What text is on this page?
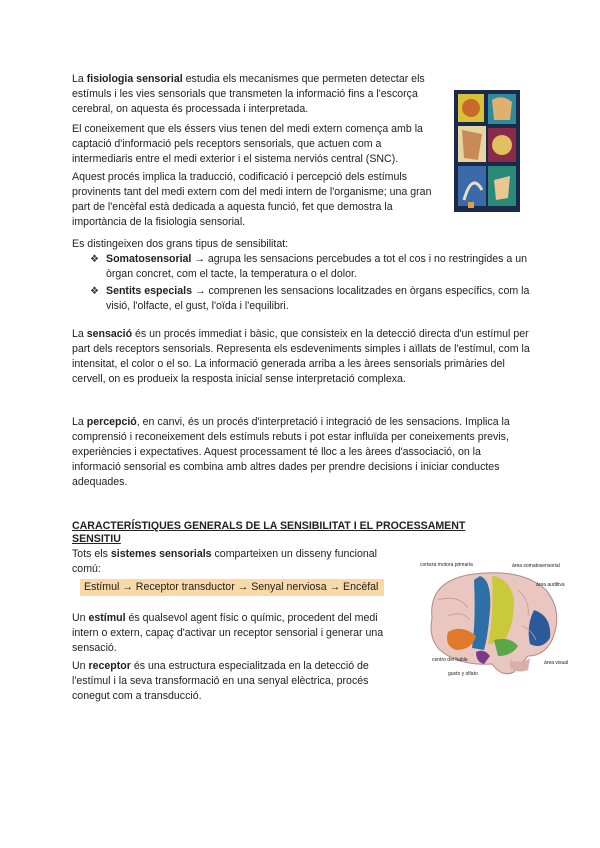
La fisiologia sensorial estudia els mecanismes que permeten detectar els estímuls i les vies sensorials que transmeten la informació fins a l'escorça cerebral, on aquesta és processada i interpretada.

El coneixement que els éssers vius tenen del medi extern comença amb la captació d'informació pels receptors sensorials, que actuen com a intermediaris entre el medi exterior i el sistema nerviós central (SNC).

Aquest procés implica la traducció, codificació i percepció dels estímuls provinents tant del medi extern com del medi intern de l'organisme; una gran part de l'encèfal està dedicada a aquesta funció, fet que demostra la importància de la fisiologia sensorial.

Es distingeixen dos grans tipus de sensibilitat:

❖ Somatosensorial → agrupa les sensacions percebudes a tot el cos i no restringides a un òrgan concret, com el tacte, la temperatura o el dolor.
❖ Sentits especials → comprenen les sensacions localitzades en òrgans específics, com la visió, l'olfacte, el gust, l'oïda i l'equilibri.

La sensació és un procés immediat i bàsic, que consisteix en la detecció directa d'un estímul per part dels receptors sensorials. Representa els esdeveniments simples i aïllats de l'estímul, com la intensitat, el color o el so. La informació generada arriba a les àrees sensorials primàries del cervell, on es produeix la resposta inicial sense interpretació complexa.

La percepció, en canvi, és un procés d'interpretació i integració de les sensacions. Implica la comprensió i reconeixement dels estímuls rebuts i pot estar influïda per coneixements previs, experiències i expectatives. Aquest processament té lloc a les àrees d'associació, on la informació sensorial es combina amb altres dades per prendre decisions i iniciar conductes adequades.

CARACTERÍSTIQUES GENERALS DE LA SENSIBILITAT I EL PROCESSAMENT SENSITIU

Tots els sistemes sensorials comparteixen un disseny funcional comú:

Estímul → Receptor transductor → Senyal nerviosa → Encèfal

Un estímul és qualsevol agent físic o químic, procedent del medi intern o extern, capaç d'activar un receptor sensorial i generar una sensació.

Un receptor és una estructura especialitzada en la detecció de l'estímul i la seva transformació en una senyal elèctrica, procés conegut com a transducció.

corteza motora primaria	área somatosensorial
área auditiva
centro del habla
gusto y olfato
área visual
